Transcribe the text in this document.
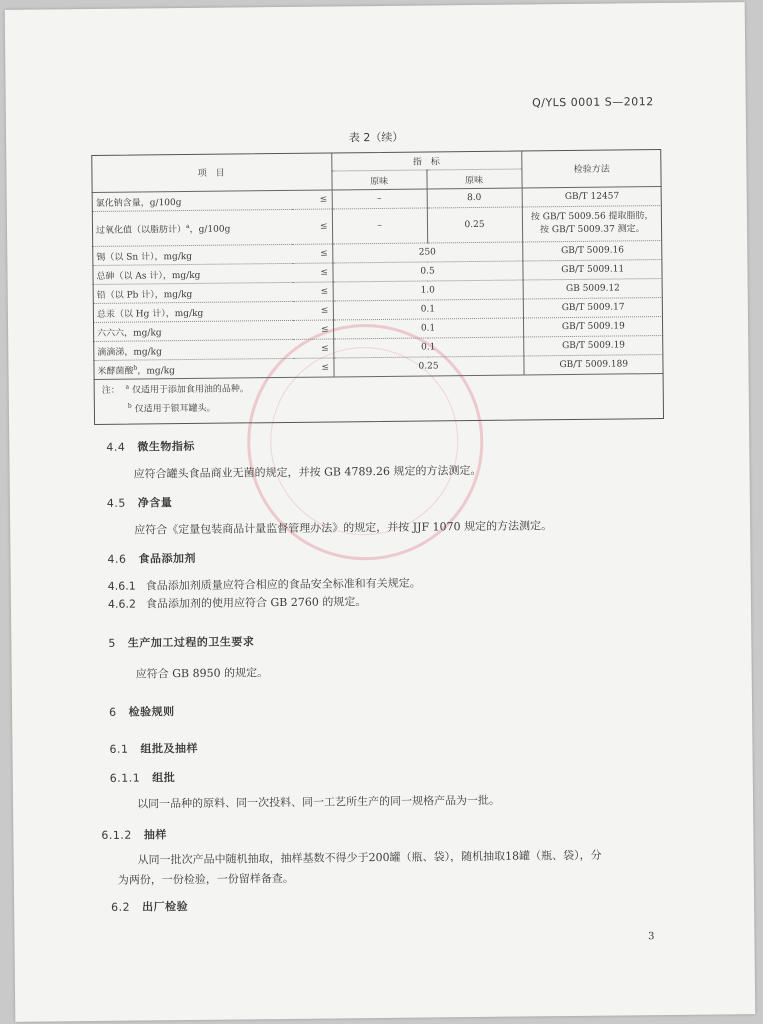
Q/YLS 0001 S—2012
表 2（续）
项　目		指　标		检验方法
		原味	原味	
氯化钠含量，g/100g	≤	–	8.0	GB/T 12457
过氧化值（以脂肪计）$^a$，g/100g	≤	–	0.25	按 GB/T 5009.56 提取脂肪，按 GB/T 5009.37 测定。

锡（以 Sn 计），mg/kg	≤	250		GB/T 5009.16
总砷（以 As 计），mg/kg	≤	0.5		GB/T 5009.11
铅（以 Pb 计），mg/kg	≤	1.0		GB 5009.12
总汞（以 Hg 计），mg/kg	≤	0.1		GB/T 5009.17
六六六，mg/kg	≤	0.1		GB/T 5009.19
滴滴涕，mg/kg	≤	0.1		GB/T 5009.19
米酵菌酸$^b$，mg/kg	≤	0.25		GB/T 5009.189

注： $^a$ 仅适用于添加食用油的品种。
$^b$ 仅适用于银耳罐头。				
4.4 微生物指标
应符合罐头食品商业无菌的规定，并按 GB 4789.26 规定的方法测定。
4.5 净含量
应符合《定量包装商品计量监督管理办法》的规定，并按 JJF 1070 规定的方法测定。
4.6 食品添加剂
4.6.1 食品添加剂质量应符合相应的食品安全标准和有关规定。
4.6.2 食品添加剂的使用应符合 GB 2760 的规定。
5 生产加工过程的卫生要求
应符合 GB 8950 的规定。
6 检验规则
6.1 组批及抽样
6.1.1 组批
以同一品种的原料、同一次投料、同一工艺所生产的同一规格产品为一批。
6.1.2 抽样
从同一批次产品中随机抽取，抽样基数不得少于200罐（瓶、袋），随机抽取18罐（瓶、袋），分
为两份，一份检验，一份留样备查。
6.2 出厂检验
3
